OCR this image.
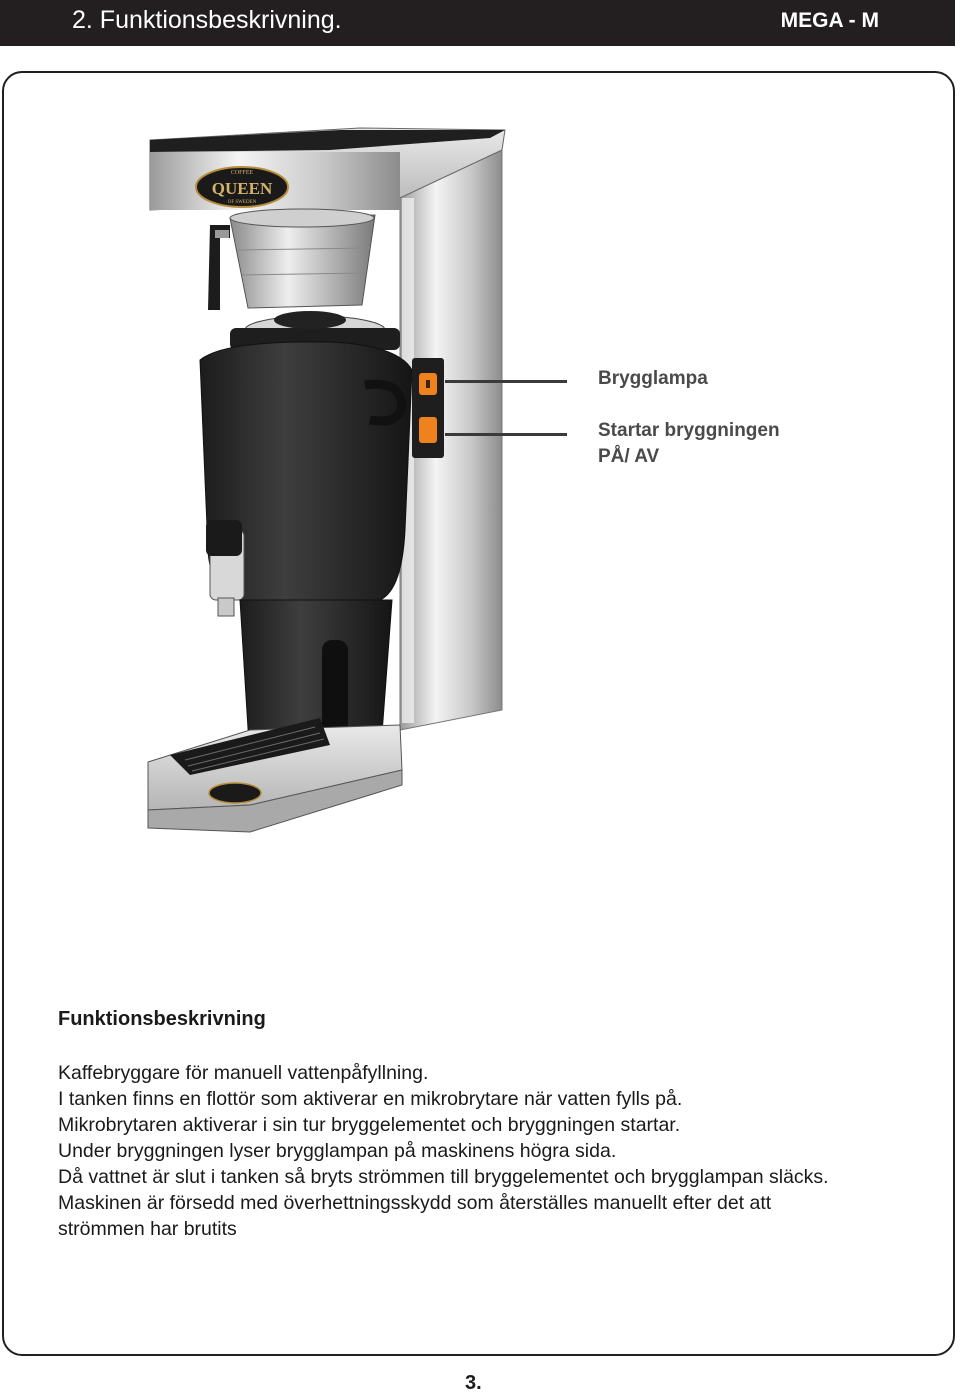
2. Funktionsbeskrivning.	MEGA - M
COFFEE
QUEEN
OF SWEDEN
Brygglampa
Startar bryggningen
PÅ/ AV
Funktionsbeskrivning
Kaffebryggare för manuell vattenpåfyllning.
I tanken finns en flottör som aktiverar en mikrobrytare när vatten fylls på.
Mikrobrytaren aktiverar i sin tur bryggelementet och bryggningen startar.
Under bryggningen lyser brygglampan på maskinens högra sida.
Då vattnet är slut i tanken så bryts strömmen till bryggelementet och brygglampan släcks.
Maskinen är försedd med överhettningsskydd som återställes manuellt efter det att
strömmen har brutits
3.
